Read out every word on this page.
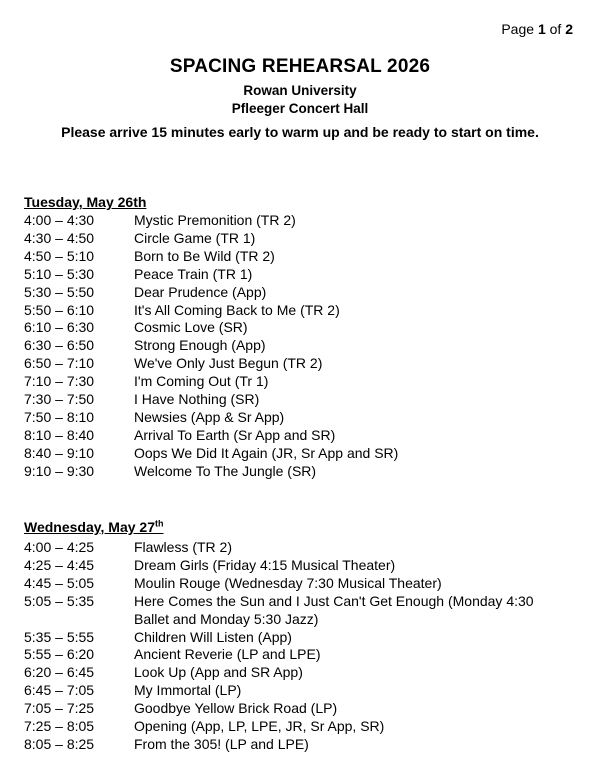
Page 1 of 2
SPACING REHEARSAL 2026
Rowan University
Pfleeger Concert Hall
Please arrive 15 minutes early to warm up and be ready to start on time.
Tuesday, May 26th
4:00 – 4:30	Mystic Premonition (TR 2)
4:30 – 4:50	Circle Game (TR 1)
4:50 – 5:10	Born to Be Wild (TR 2)
5:10 – 5:30	Peace Train (TR 1)
5:30 – 5:50	Dear Prudence (App)
5:50 – 6:10	It's All Coming Back to Me (TR 2)
6:10 – 6:30	Cosmic Love (SR)
6:30 – 6:50	Strong Enough (App)
6:50 – 7:10	We've Only Just Begun (TR 2)
7:10 – 7:30	I'm Coming Out (Tr 1)
7:30 – 7:50	I Have Nothing (SR)
7:50 – 8:10	Newsies (App & Sr App)
8:10 – 8:40	Arrival To Earth (Sr App and SR)
8:40 – 9:10	Oops We Did It Again (JR, Sr App and SR)
9:10 – 9:30	Welcome To The Jungle (SR)
Wednesday, May 27th
4:00 – 4:25	Flawless (TR 2)
4:25 – 4:45	Dream Girls (Friday 4:15 Musical Theater)
4:45 – 5:05	Moulin Rouge (Wednesday 7:30 Musical Theater)
5:05 – 5:35	Here Comes the Sun and I Just Can't Get Enough (Monday 4:30
Ballet and Monday 5:30 Jazz)
5:35 – 5:55	Children Will Listen (App)
5:55 – 6:20	Ancient Reverie (LP and LPE)
6:20 – 6:45	Look Up (App and SR App)
6:45 – 7:05	My Immortal (LP)
7:05 – 7:25	Goodbye Yellow Brick Road (LP)
7:25 – 8:05	Opening (App, LP, LPE, JR, Sr App, SR)
8:05 – 8:25	From the 305! (LP and LPE)
